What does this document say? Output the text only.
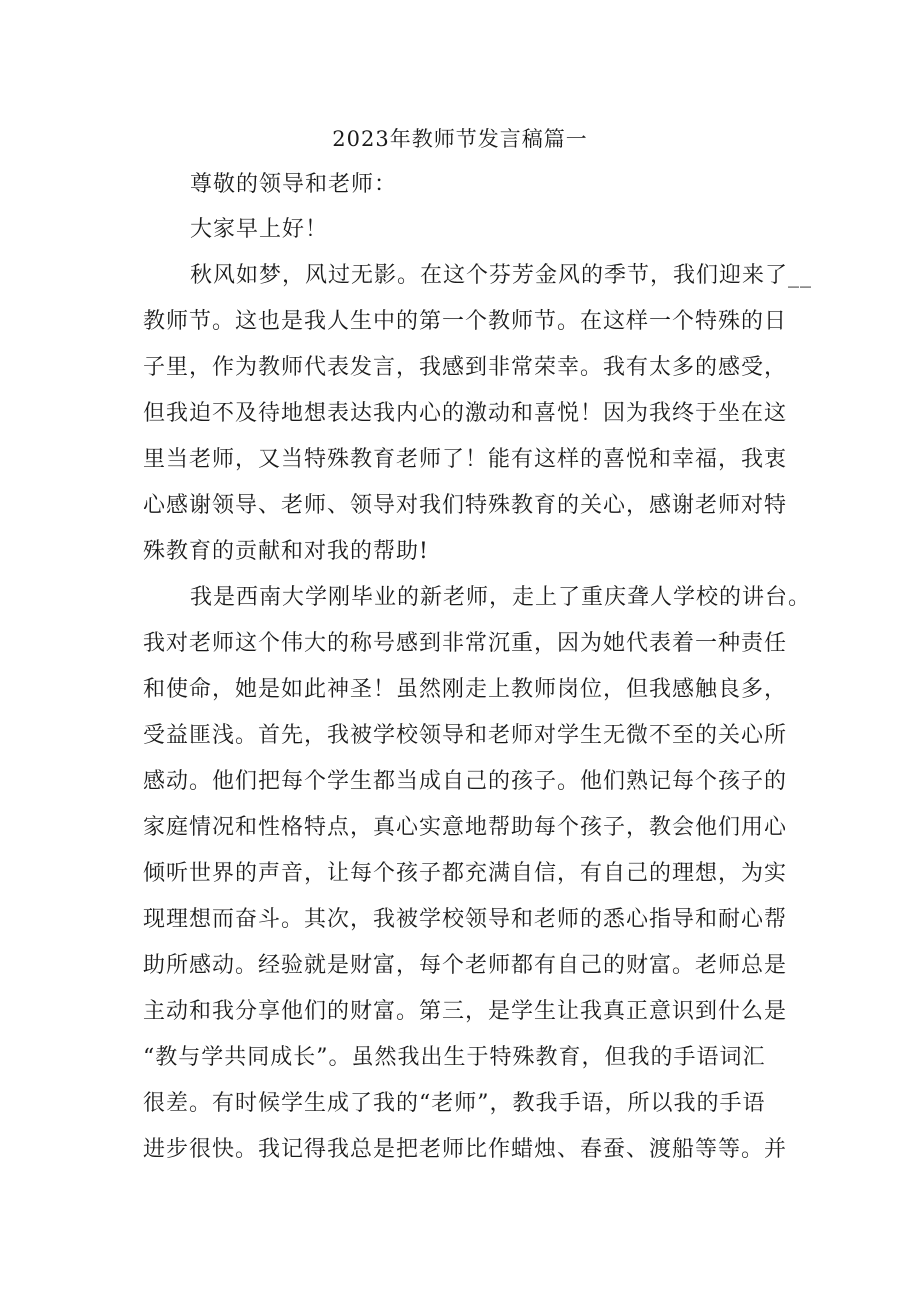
2023年教师节发言稿篇一
尊敬的领导和老师：
大家早上好！
秋风如梦，风过无影。在这个芬芳金风的季节，我们迎来了__
教师节。这也是我人生中的第一个教师节。在这样一个特殊的日
子里，作为教师代表发言，我感到非常荣幸。我有太多的感受，
但我迫不及待地想表达我内心的激动和喜悦！因为我终于坐在这
里当老师，又当特殊教育老师了！能有这样的喜悦和幸福，我衷
心感谢领导、老师、领导对我们特殊教育的关心，感谢老师对特
殊教育的贡献和对我的帮助!
我是西南大学刚毕业的新老师，走上了重庆聋人学校的讲台。
我对老师这个伟大的称号感到非常沉重，因为她代表着一种责任
和使命，她是如此神圣！虽然刚走上教师岗位，但我感触良多，
受益匪浅。首先，我被学校领导和老师对学生无微不至的关心所
感动。他们把每个学生都当成自己的孩子。他们熟记每个孩子的
家庭情况和性格特点，真心实意地帮助每个孩子，教会他们用心
倾听世界的声音，让每个孩子都充满自信，有自己的理想，为实
现理想而奋斗。其次，我被学校领导和老师的悉心指导和耐心帮
助所感动。经验就是财富，每个老师都有自己的财富。老师总是
主动和我分享他们的财富。第三，是学生让我真正意识到什么是
“教与学共同成长”。虽然我出生于特殊教育，但我的手语词汇
很差。有时候学生成了我的“老师”，教我手语，所以我的手语
进步很快。我记得我总是把老师比作蜡烛、春蚕、渡船等等。并
